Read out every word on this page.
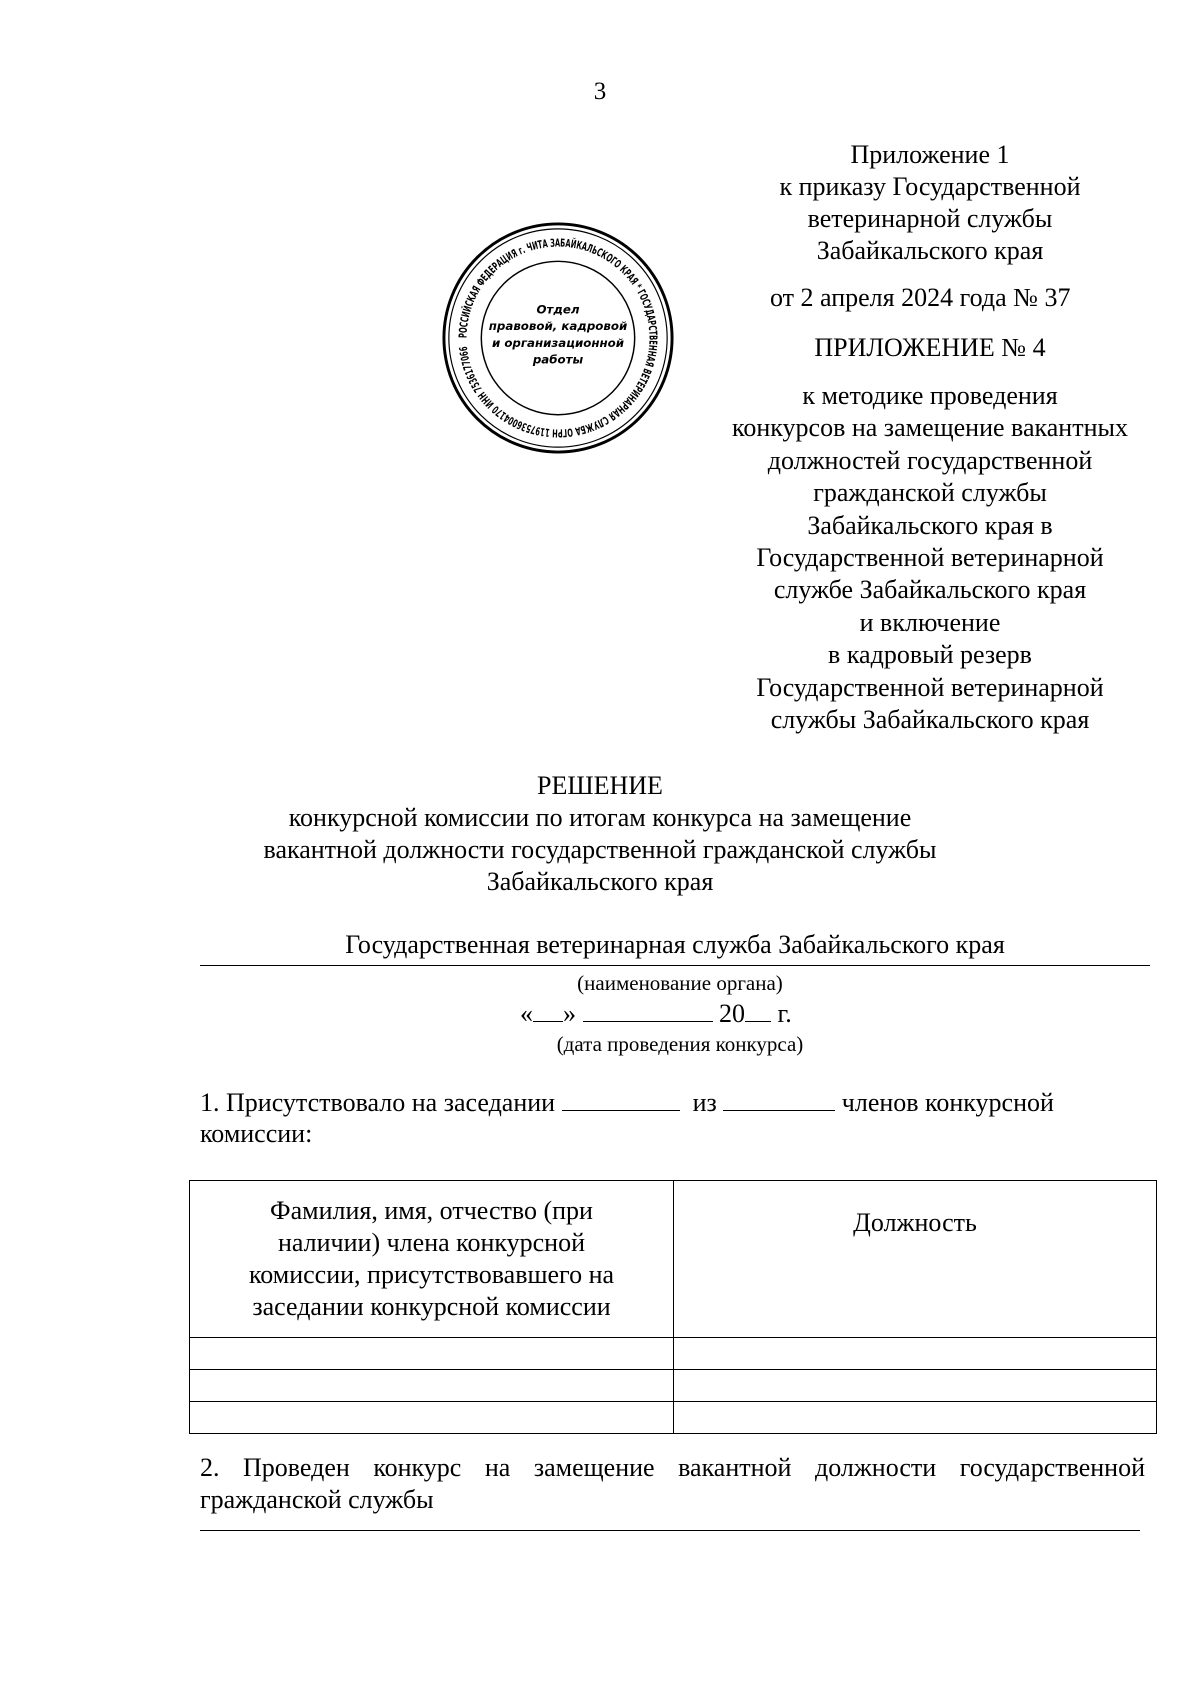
3
Приложение 1
к приказу Государственной
ветеринарной службы
Забайкальского края
от 2 апреля 2024 года № 37
ПРИЛОЖЕНИЕ № 4
к методике проведения
конкурсов на замещение вакантных
должностей государственной
гражданской службы
Забайкальского края в
Государственной ветеринарной
службе Забайкальского края
и включение
в кадровый резерв
Государственной ветеринарной
службы Забайкальского края
РОССИЙСКАЯ ФЕДЕРАЦИЯ г. ЧИТА ЗАБАЙКАЛЬСКОГО КРАЯ * ГОСУДАРСТВЕННАЯ ВЕТЕРИНАРНАЯ СЛУЖБА ОГРН 1197536004170 ИНН 7536177066
Отдел
правовой, кадровой
и организационной
работы
РЕШЕНИЕ
конкурсной комиссии по итогам конкурса на замещение
вакантной должности государственной гражданской службы
Забайкальского края
Государственная ветеринарная служба Забайкальского края
(наименование органа)
« »	20 г.
(дата проведения конкурса)
1. Присутствовало на заседании	из	членов конкурсной
комиссии:
Фамилия, имя, отчество (при
наличии) члена конкурсной
комиссии, присутствовавшего на
заседании конкурсной комиссии	Должность

2. Проведен конкурс на замещение вакантной должности государственной
гражданской службы
